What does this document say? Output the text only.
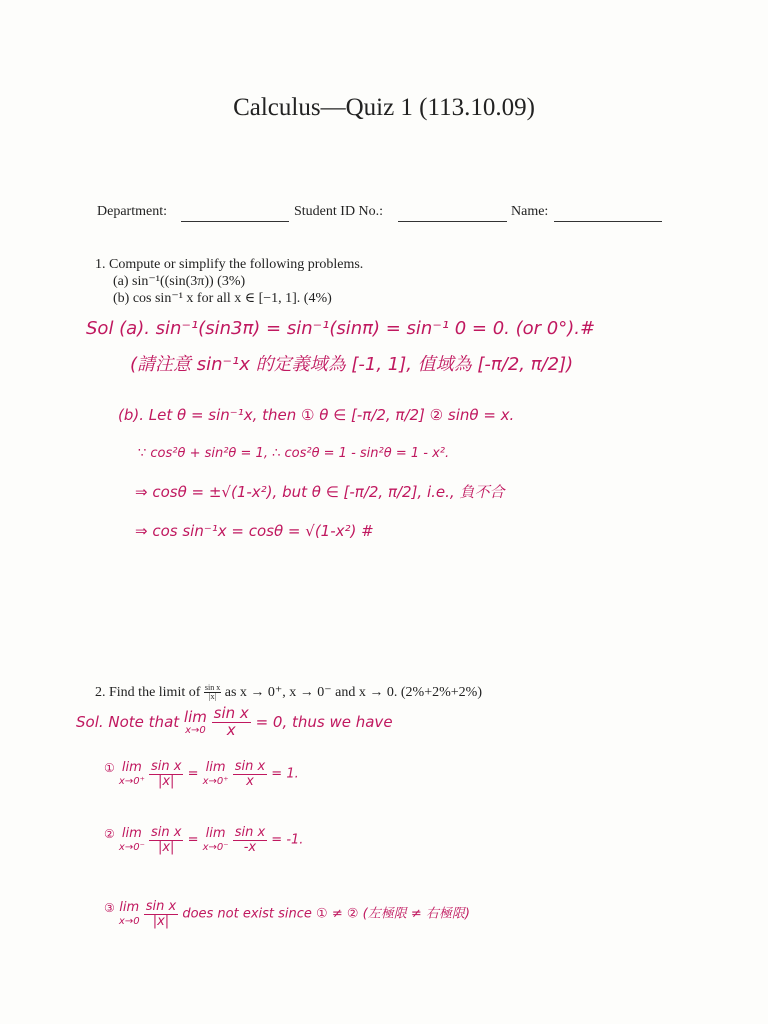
Calculus—Quiz 1 (113.10.09)
Department:	Student ID No.:	Name:
1. Compute or simplify the following problems.
(a) sin⁻¹((sin(3π)) (3%)
(b) cos sin⁻¹ x for all x ∈ [−1, 1]. (4%)
Sol (a). sin⁻¹(sin3π) = sin⁻¹(sinπ) = sin⁻¹ 0 = 0. (or 0°).#
(請注意 sin⁻¹x 的定義域為 [-1, 1], 值域為 [-π/2, π/2])
(b). Let θ = sin⁻¹x, then ① θ ∈ [-π/2, π/2] ② sinθ = x.
∵ cos²θ + sin²θ = 1, ∴ cos²θ = 1 - sin²θ = 1 - x².
⇒ cosθ = ±√(1-x²), but θ ∈ [-π/2, π/2], i.e., 負不合
⇒ cos sin⁻¹x = cosθ = √(1-x²) #
2. Find the limit of $\frac{\text{sin x}}{|x|}$ as x → 0⁺, x → 0⁻ and x → 0. (2%+2%+2%)
Sol. Note that lim
x→0
$\frac{\text{sin x}}{x} = 0$, thus we have
① lim
x→0⁺
$\frac{\text{sin x}}{|x|} = \lim$
x→0⁺
$\frac{\text{sin x}}{x} = 1$.
② lim
x→0⁻
$\frac{\text{sin x}}{|x|} = \lim$
x→0⁻
$\frac{\text{sin x}}{-x} = -1$.
③ lim
x→0
$\frac{\text{sin x}}{|x|}$ does not exist since ① ≠ ② (左極限 ≠ 右極限)
